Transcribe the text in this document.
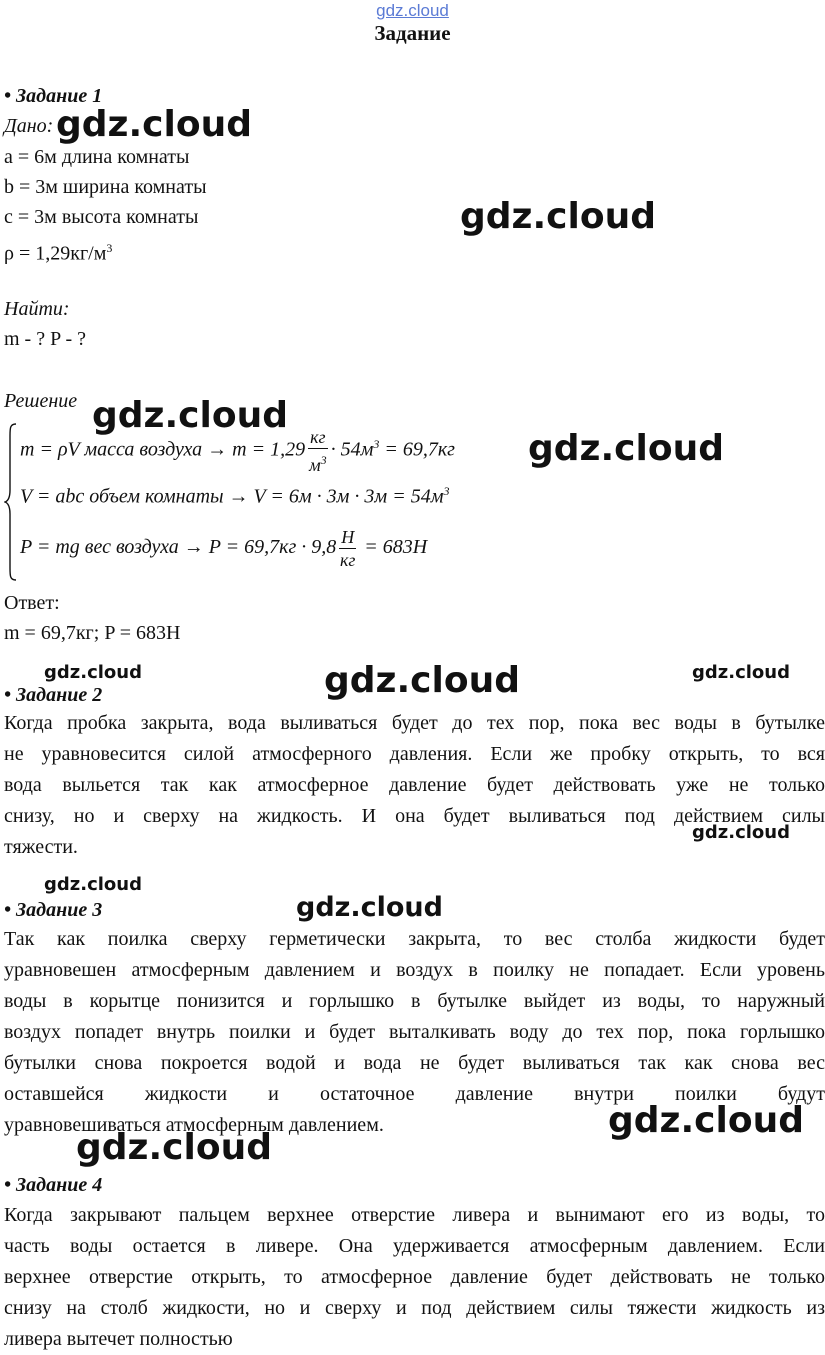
gdz.cloud
Задание
• Задание 1
Дано:
a = 6м длина комнаты
b = 3м ширина комнаты
c = 3м высота комнаты
$\rho = 1,29кг/м^3$
Найти:
m - ? P - ?
Решение
m = ρV масса воздуха → $m = 1,29 \frac{кг}{м^3} \cdot 54м^3 = 69,7кг$
V = abc объем комнаты → $V = 6м \cdot 3м \cdot 3м = 54м^3$
P = mg вес воздуха → $P = 69,7кг \cdot 9,8 \frac{Н}{кг} = 683Н$
Ответ:
m = 69,7кг; P = 683Н
• Задание 2
Когда пробка закрыта, вода выливаться будет до тех пор, пока вес воды в бутылке
не уравновесится силой атмосферного давления. Если же пробку открыть, то вся
вода выльется так как атмосферное давление будет действовать уже не только
снизу, но и сверху на жидкость. И она будет выливаться под действием силы
тяжести.
• Задание 3
Так как поилка сверху герметически закрыта, то вес столба жидкости будет
уравновешен атмосферным давлением и воздух в поилку не попадает. Если уровень
воды в корытце понизится и горлышко в бутылке выйдет из воды, то наружный
воздух попадет внутрь поилки и будет выталкивать воду до тех пор, пока горлышко
бутылки снова покроется водой и вода не будет выливаться так как снова вес
оставшейся жидкости и остаточное давление внутри поилки будут
уравновешиваться атмосферным давлением.
• Задание 4
Когда закрывают пальцем верхнее отверстие ливера и вынимают его из воды, то
часть воды остается в ливере. Она удерживается атмосферным давлением. Если
верхнее отверстие открыть, то атмосферное давление будет действовать не только
снизу на столб жидкости, но и сверху и под действием силы тяжести жидкость из
ливера вытечет полностью
gdz.cloud
gdz.cloud
gdz.cloud
gdz.cloud
gdz.cloud	gdz.cloud	gdz.cloud
gdz.cloud
gdz.cloud
gdz.cloud
gdz.cloud
gdz.cloud
